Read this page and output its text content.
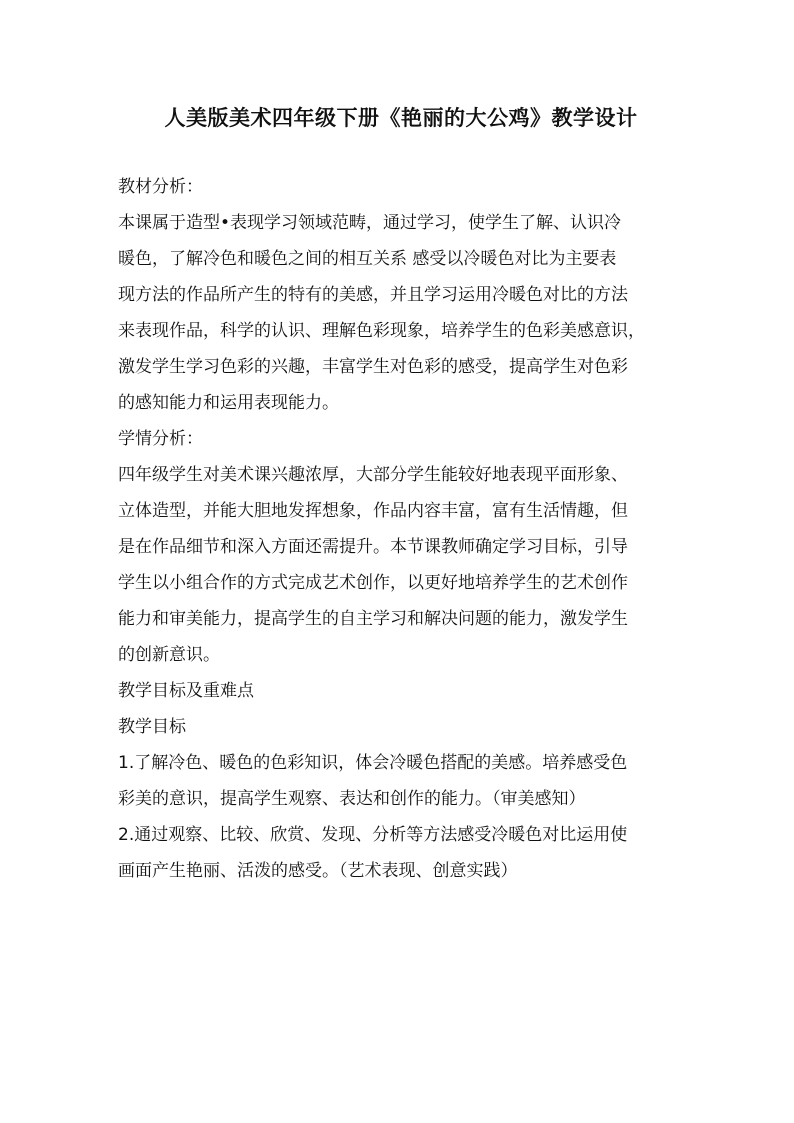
人美版美术四年级下册《艳丽的大公鸡》教学设计

教材分析：

本课属于造型•表现学习领域范畴，通过学习，使学生了解、认识冷

暖色，了解冷色和暖色之间的相互关系 感受以冷暖色对比为主要表

现方法的作品所产生的特有的美感，并且学习运用冷暖色对比的方法

来表现作品，科学的认识、理解色彩现象，培养学生的色彩美感意识，

激发学生学习色彩的兴趣，丰富学生对色彩的感受，提高学生对色彩

的感知能力和运用表现能力。

学情分析：

四年级学生对美术课兴趣浓厚，大部分学生能较好地表现平面形象、

立体造型，并能大胆地发挥想象，作品内容丰富，富有生活情趣，但

是在作品细节和深入方面还需提升。本节课教师确定学习目标，引导

学生以小组合作的方式完成艺术创作，以更好地培养学生的艺术创作

能力和审美能力，提高学生的自主学习和解决问题的能力，激发学生

的创新意识。

教学目标及重难点

教学目标

1.了解冷色、暖色的色彩知识，体会冷暖色搭配的美感。培养感受色

彩美的意识，提高学生观察、表达和创作的能力。（审美感知）

2.通过观察、比较、欣赏、发现、分析等方法感受冷暖色对比运用使

画面产生艳丽、活泼的感受。（艺术表现、创意实践）
